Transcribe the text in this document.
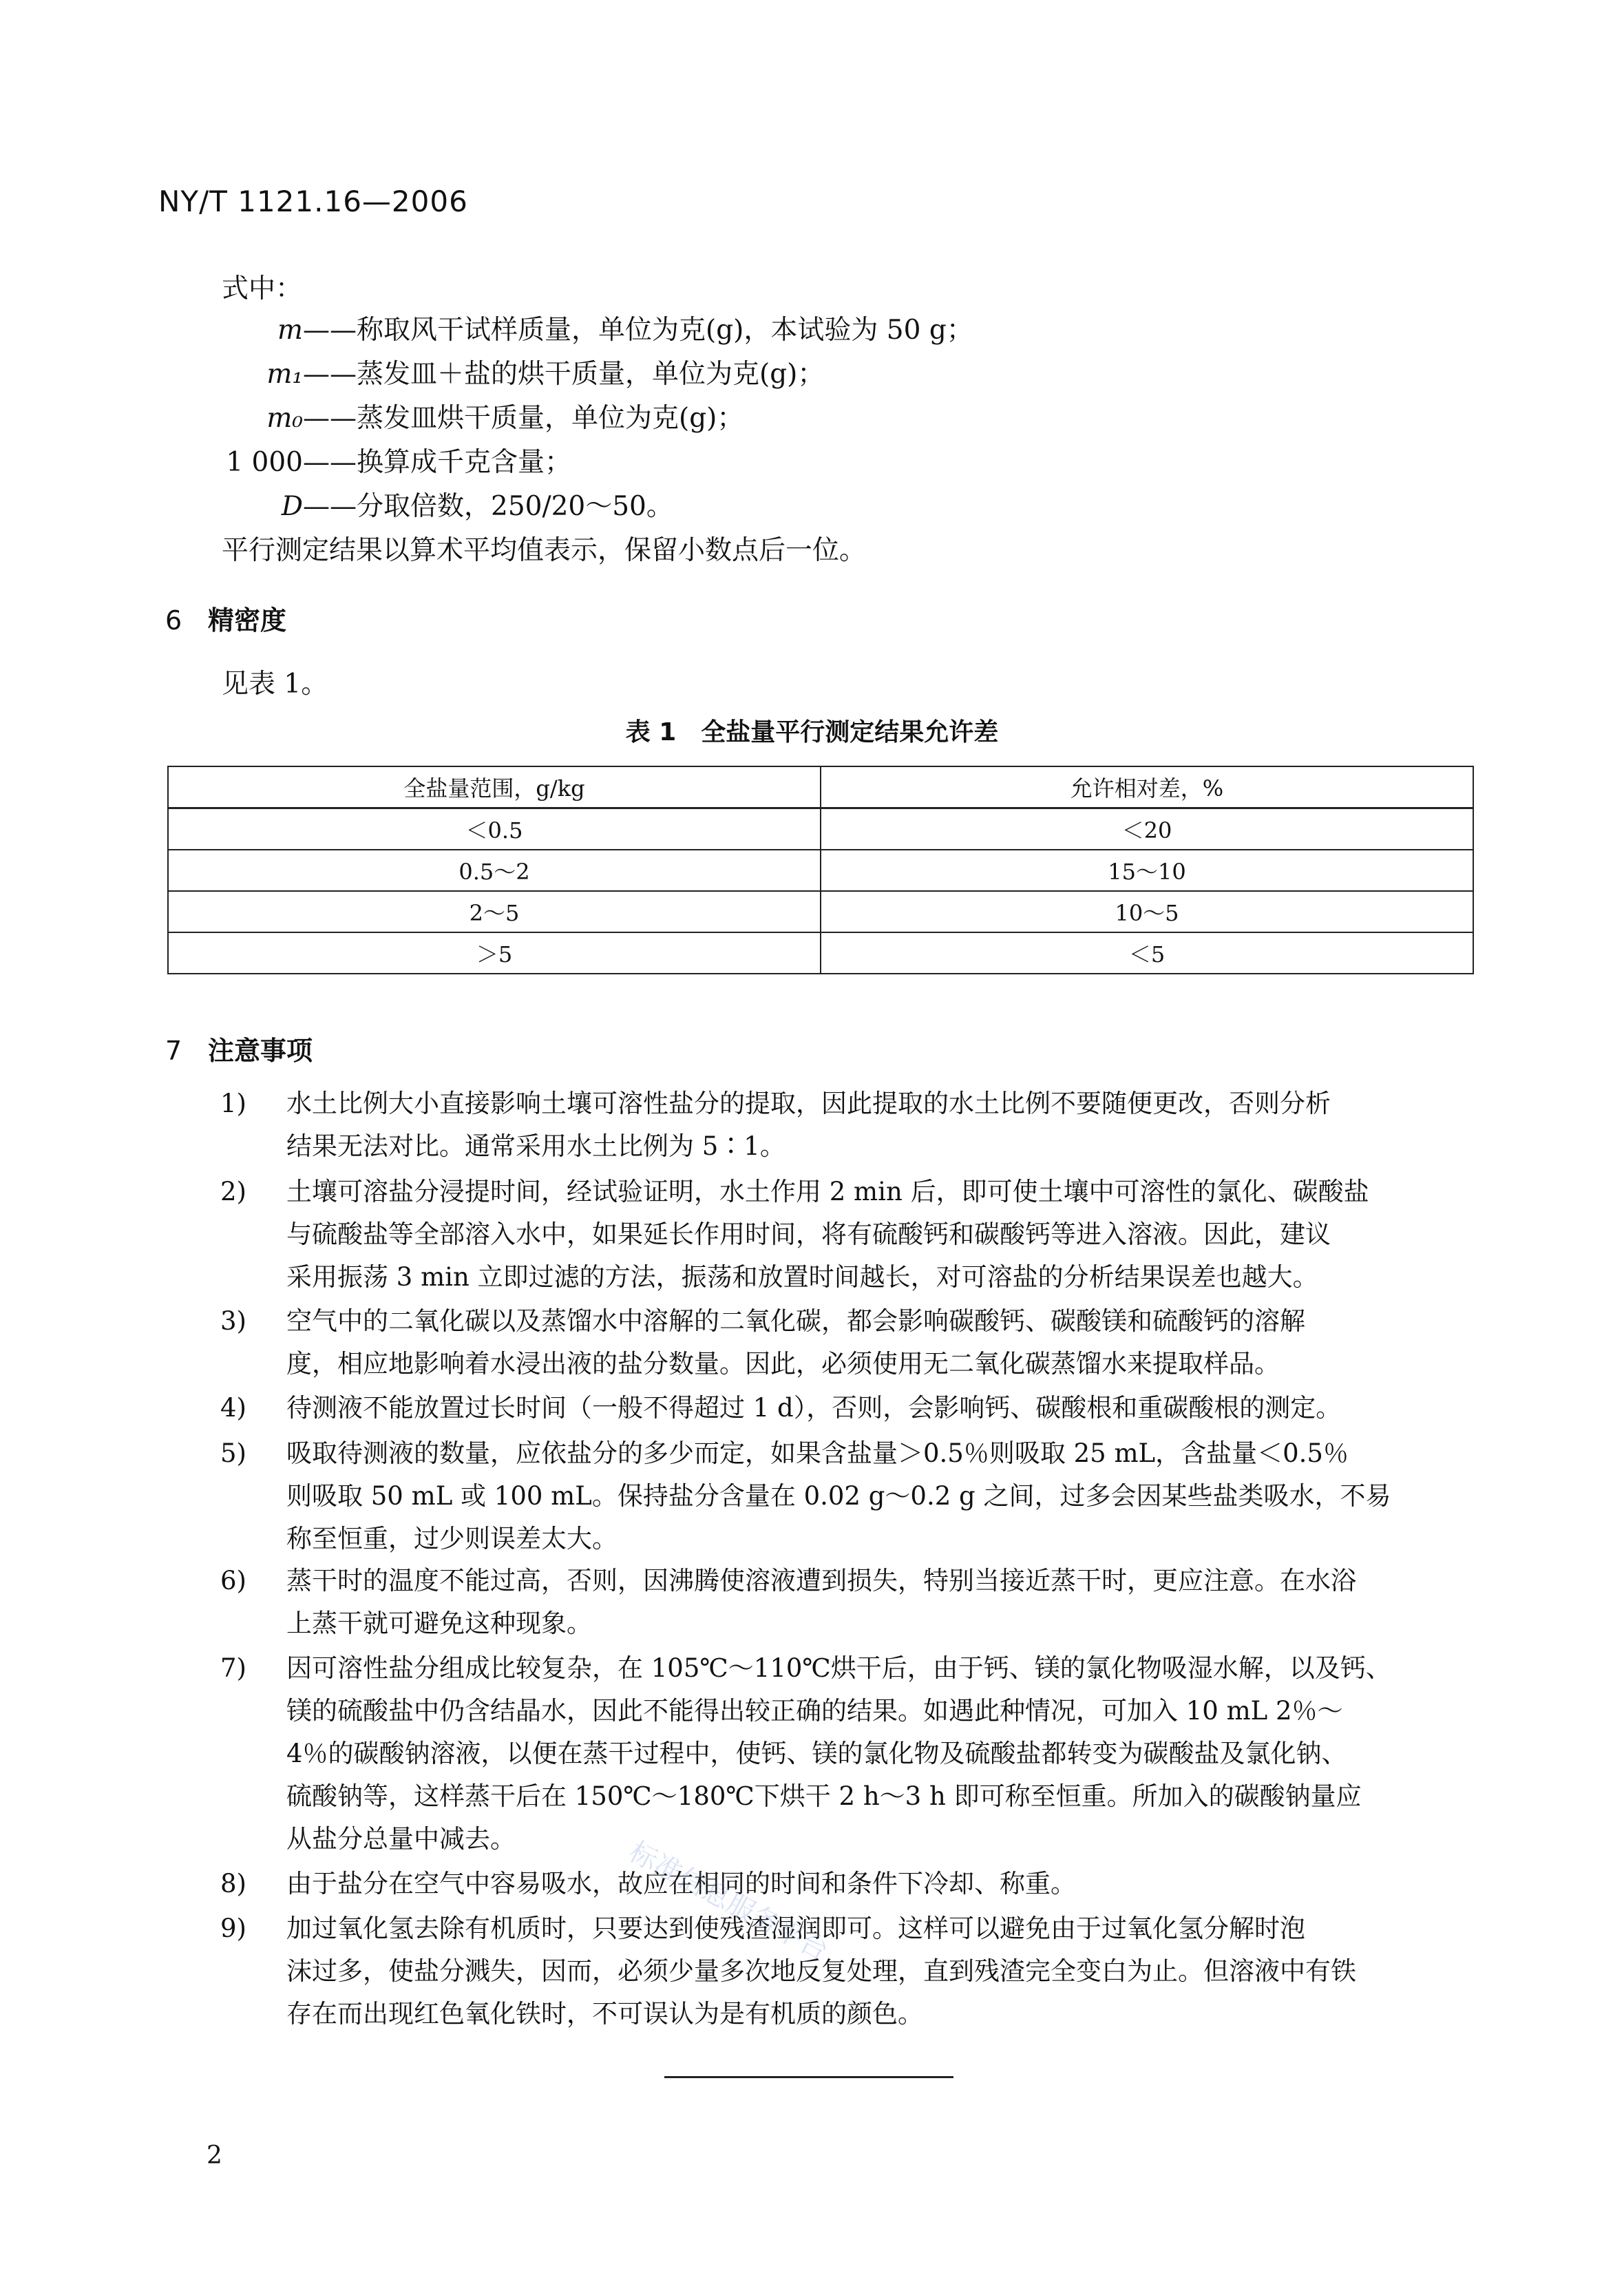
NY/T 1121.16—2006
式中：
m——称取风干试样质量，单位为克(g)，本试验为 50 g；
m₁——蒸发皿＋盐的烘干质量，单位为克(g)；
m₀——蒸发皿烘干质量，单位为克(g)；
1 000——换算成千克含量；
D——分取倍数，250/20～50。
平行测定结果以算术平均值表示，保留小数点后一位。
6 精密度
见表 1。
表 1　全盐量平行测定结果允许差
全盐量范围，g/kg	允许相对差，%
＜0.5	＜20
0.5～2	15～10
2～5	10～5
＞5	＜5
7 注意事项
1) 水土比例大小直接影响土壤可溶性盐分的提取，因此提取的水土比例不要随便更改，否则分析
结果无法对比。通常采用水土比例为 5∶1。
2) 土壤可溶盐分浸提时间，经试验证明，水土作用 2 min 后，即可使土壤中可溶性的氯化、碳酸盐
与硫酸盐等全部溶入水中，如果延长作用时间，将有硫酸钙和碳酸钙等进入溶液。因此，建议
采用振荡 3 min 立即过滤的方法，振荡和放置时间越长，对可溶盐的分析结果误差也越大。
3) 空气中的二氧化碳以及蒸馏水中溶解的二氧化碳，都会影响碳酸钙、碳酸镁和硫酸钙的溶解
度，相应地影响着水浸出液的盐分数量。因此，必须使用无二氧化碳蒸馏水来提取样品。
4) 待测液不能放置过长时间（一般不得超过 1 d），否则，会影响钙、碳酸根和重碳酸根的测定。
5) 吸取待测液的数量，应依盐分的多少而定，如果含盐量＞0.5％则吸取 25 mL，含盐量＜0.5％
则吸取 50 mL 或 100 mL。保持盐分含量在 0.02 g～0.2 g 之间，过多会因某些盐类吸水，不易
称至恒重，过少则误差太大。
6) 蒸干时的温度不能过高，否则，因沸腾使溶液遭到损失，特别当接近蒸干时，更应注意。在水浴
上蒸干就可避免这种现象。
7) 因可溶性盐分组成比较复杂，在 105℃～110℃烘干后，由于钙、镁的氯化物吸湿水解，以及钙、
镁的硫酸盐中仍含结晶水，因此不能得出较正确的结果。如遇此种情况，可加入 10 mL 2％～
4％的碳酸钠溶液，以便在蒸干过程中，使钙、镁的氯化物及硫酸盐都转变为碳酸盐及氯化钠、
硫酸钠等，这样蒸干后在 150℃～180℃下烘干 2 h～3 h 即可称至恒重。所加入的碳酸钠量应
从盐分总量中减去。
8) 由于盐分在空气中容易吸水，故应在相同的时间和条件下冷却、称重。
9) 加过氧化氢去除有机质时，只要达到使残渣湿润即可。这样可以避免由于过氧化氢分解时泡
沫过多，使盐分溅失，因而，必须少量多次地反复处理，直到残渣完全变白为止。但溶液中有铁
存在而出现红色氧化铁时，不可误认为是有机质的颜色。
标准信息服务平台
2
